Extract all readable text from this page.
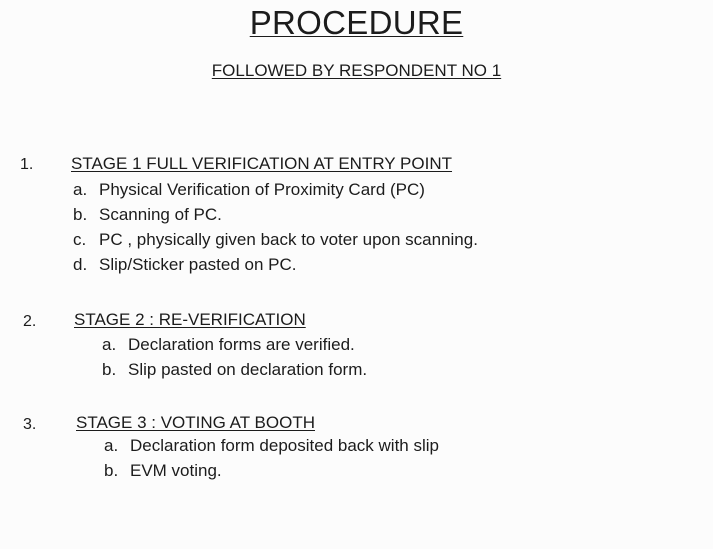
PROCEDURE
FOLLOWED BY RESPONDENT NO 1
1. STAGE 1 FULL VERIFICATION AT ENTRY POINT
a. Physical Verification of Proximity Card (PC)
b. Scanning of PC.
c. PC , physically given back to voter upon scanning.
d. Slip/Sticker pasted on PC.
2. STAGE 2 : RE-VERIFICATION
a. Declaration forms are verified.
b. Slip pasted on declaration form.
3. STAGE 3 : VOTING AT BOOTH
a. Declaration form deposited back with slip
b. EVM voting.
